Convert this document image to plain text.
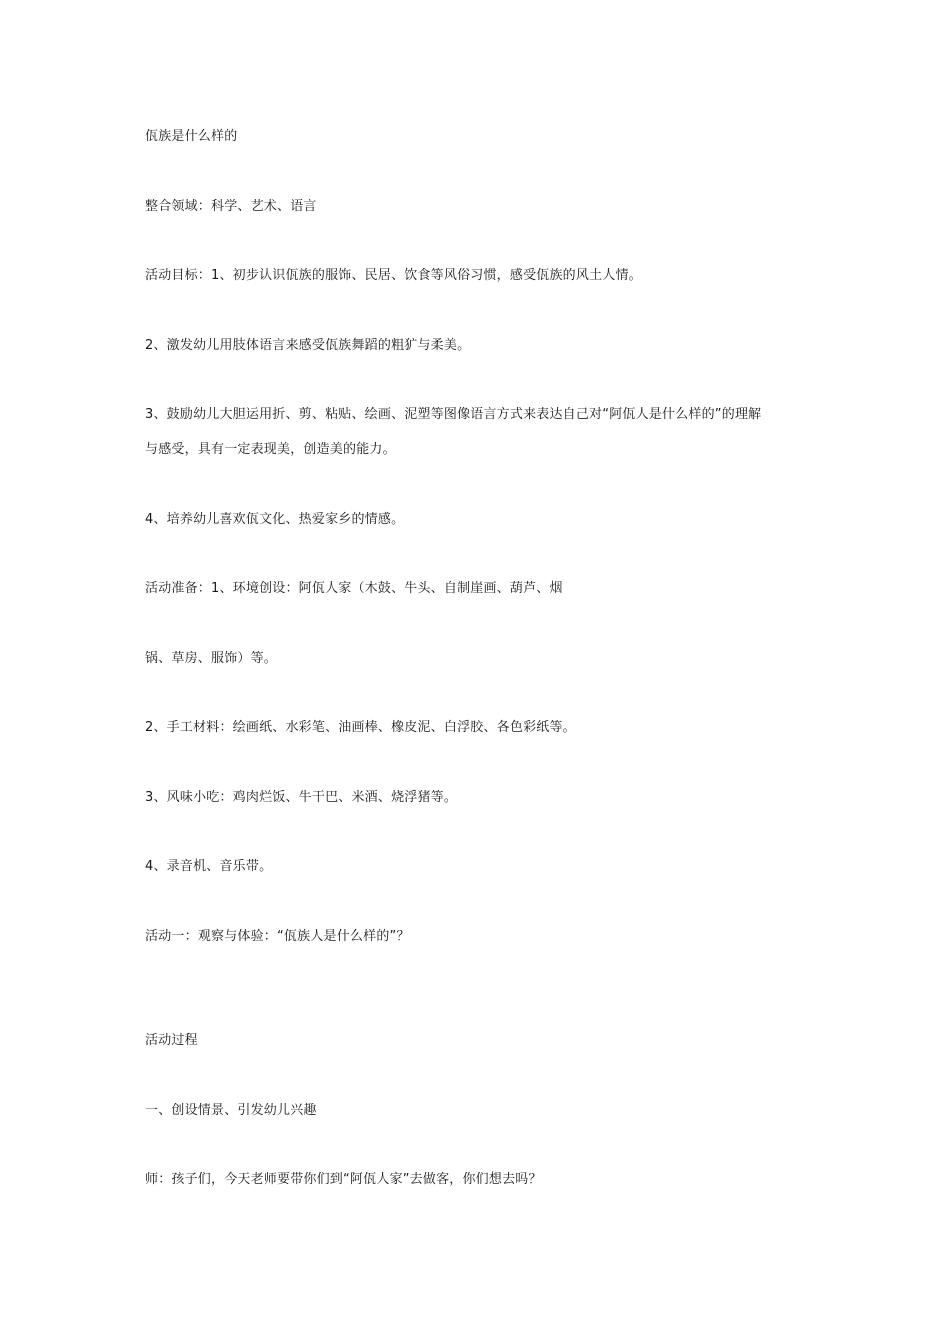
佤族是什么样的
整合领域：科学、艺术、语言
活动目标：1、初步认识佤族的服饰、民居、饮食等风俗习惯，感受佤族的风土人情。
2、激发幼儿用肢体语言来感受佤族舞蹈的粗犷与柔美。
3、鼓励幼儿大胆运用折、剪、粘贴、绘画、泥塑等图像语言方式来表达自己对“阿佤人是什么样的”的理解
与感受，具有一定表现美，创造美的能力。
4、培养幼儿喜欢佤文化、热爱家乡的情感。
活动准备：1、环境创设：阿佤人家（木鼓、牛头、自制崖画、葫芦、烟
锅、草房、服饰）等。
2、手工材料：绘画纸、水彩笔、油画棒、橡皮泥、白浮胶、各色彩纸等。
3、风味小吃：鸡肉烂饭、牛干巴、米酒、烧浮猪等。
4、录音机、音乐带。
活动一：观察与体验：“佤族人是什么样的”？
活动过程
一、创设情景、引发幼儿兴趣
师：孩子们，今天老师要带你们到“阿佤人家”去做客，你们想去吗？
